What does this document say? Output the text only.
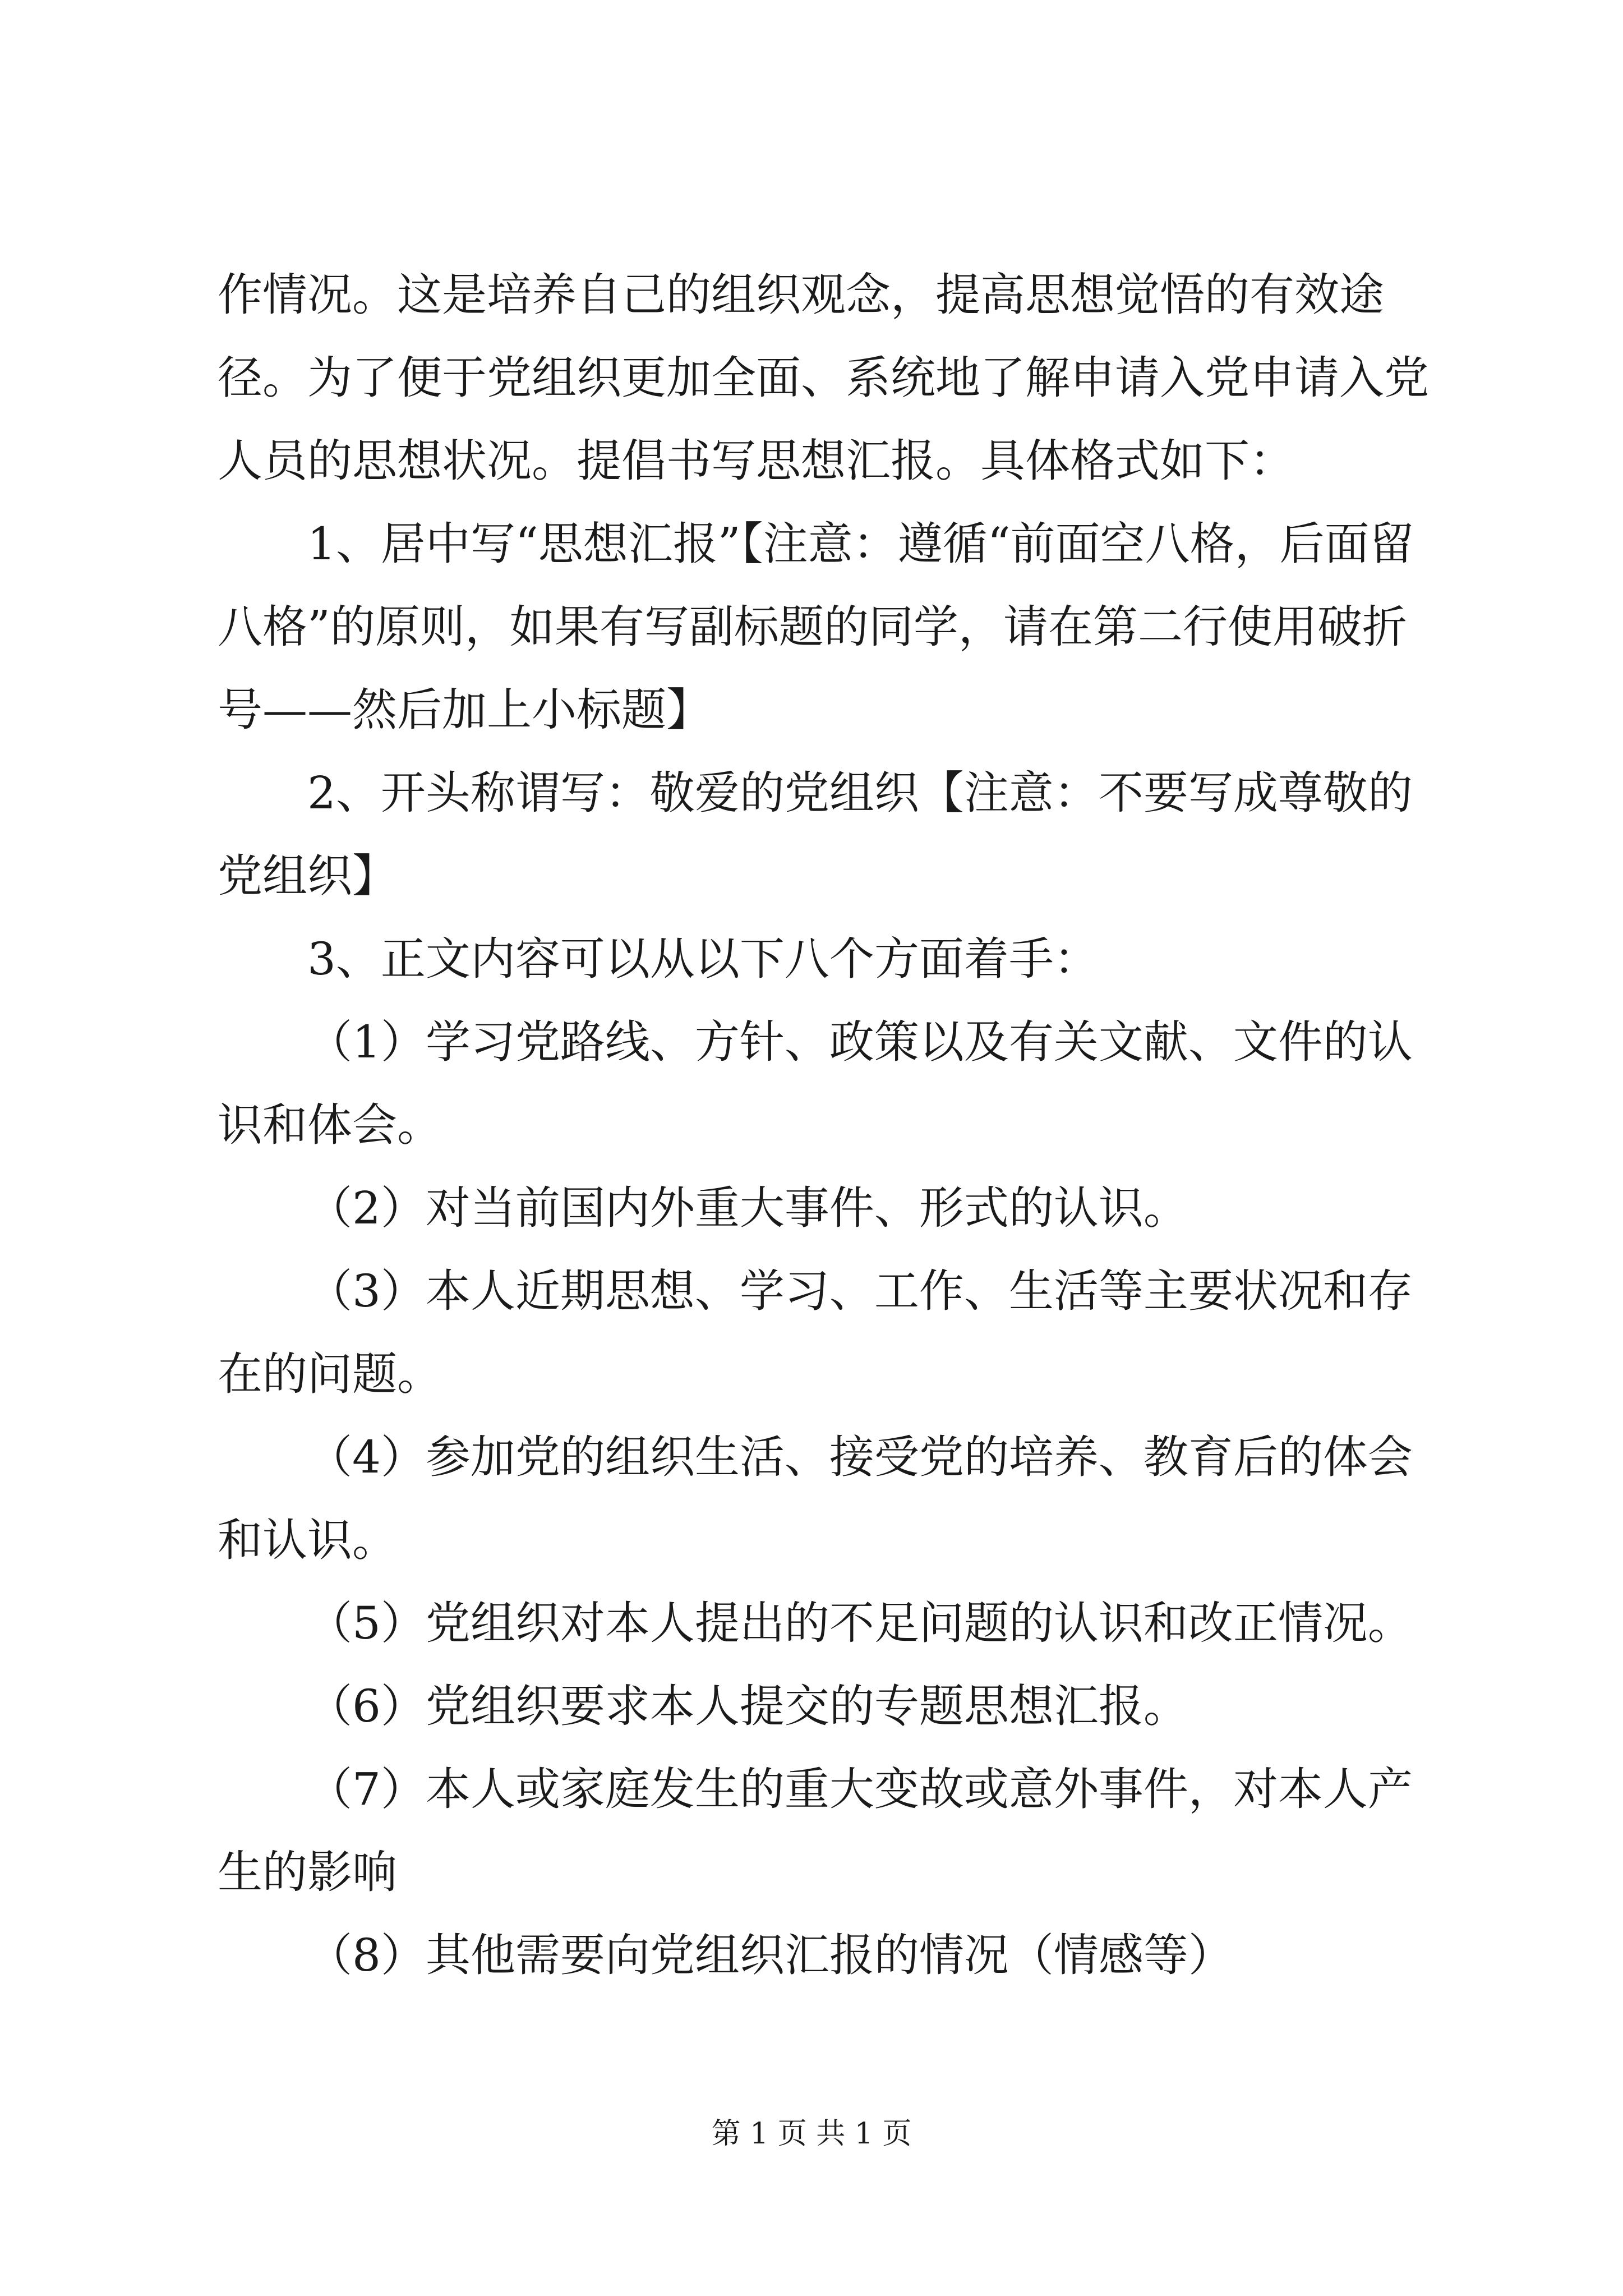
作情况。这是培养自己的组织观念，提高思想觉悟的有效途径。为了便于党组织更加全面、系统地了解申请入党申请入党人员的思想状况。提倡书写思想汇报。具体格式如下：

1、居中写“思想汇报”【注意：遵循“前面空八格，后面留八格”的原则，如果有写副标题的同学，请在第二行使用破折号——然后加上小标题】

2、开头称谓写：敬爱的党组织【注意：不要写成尊敬的党组织】

3、正文内容可以从以下八个方面着手：

（1）学习党路线、方针、政策以及有关文献、文件的认识和体会。

（2）对当前国内外重大事件、形式的认识。

（3）本人近期思想、学习、工作、生活等主要状况和存在的问题。

（4）参加党的组织生活、接受党的培养、教育后的体会和认识。

（5）党组织对本人提出的不足问题的认识和改正情况。

（6）党组织要求本人提交的专题思想汇报。

（7）本人或家庭发生的重大变故或意外事件，对本人产生的影响

（8）其他需要向党组织汇报的情况（情感等）

第 1 页 共 1 页
